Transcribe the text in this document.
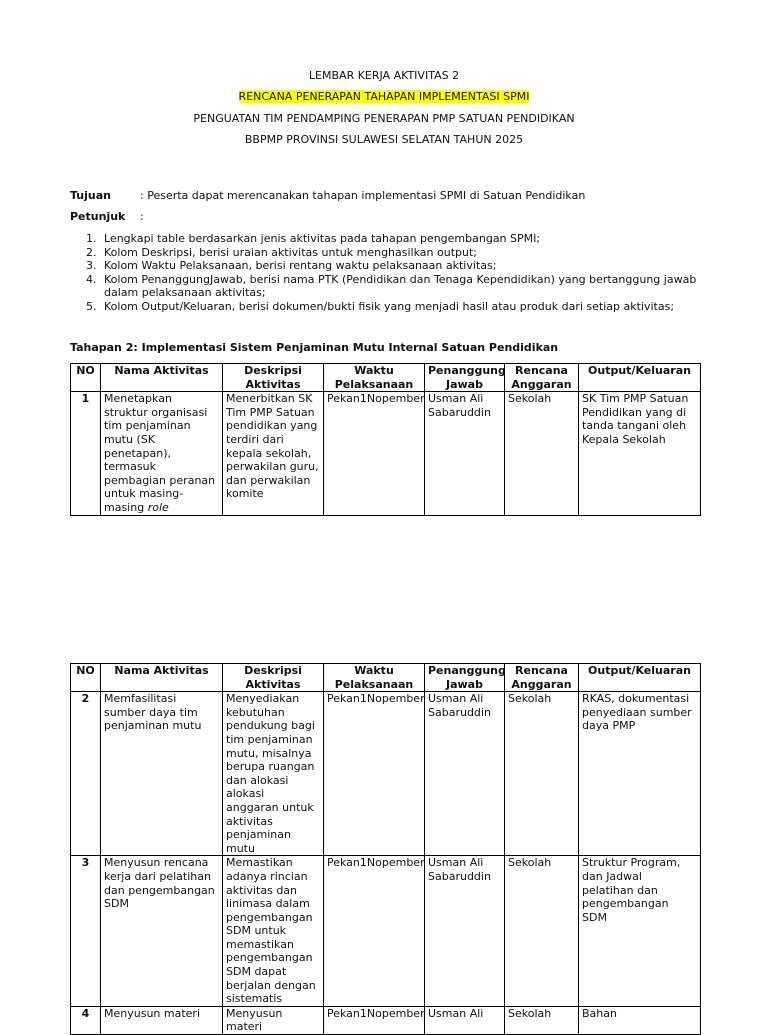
LEMBAR KERJA AKTIVITAS 2
RENCANA PENERAPAN TAHAPAN IMPLEMENTASI SPMI
PENGUATAN TIM PENDAMPING PENERAPAN PMP SATUAN PENDIDIKAN
BBPMP PROVINSI SULAWESI SELATAN TAHUN 2025
Tujuan	: Peserta dapat merencanakan tahapan implementasi SPMI di Satuan Pendidikan
Petunjuk :
1. Lengkapi table berdasarkan jenis aktivitas pada tahapan pengembangan SPMI;
2. Kolom Deskripsi, berisi uraian aktivitas untuk menghasilkan output;
3. Kolom Waktu Pelaksanaan, berisi rentang waktu pelaksanaan aktivitas;
4. Kolom PenanggungJawab, berisi nama PTK (Pendidikan dan Tenaga Kependidikan) yang bertanggung jawab dalam pelaksanaan aktivitas;
5. Kolom Output/Keluaran, berisi dokumen/bukti fisik yang menjadi hasil atau produk dari setiap aktivitas;
Tahapan 2: Implementasi Sistem Penjaminan Mutu Internal Satuan Pendidikan
NO	Nama Aktivitas	Deskripsi Aktivitas	Waktu Pelaksanaan	Penanggung Jawab	Rencana Anggaran	Output/Keluaran
1	Menetapkan struktur organisasi tim penjaminan mutu (SK penetapan), termasuk pembagian peranan untuk masing-masing role	Menerbitkan SK Tim PMP Satuan pendidikan yang terdiri dari kepala sekolah, perwakilan guru, dan perwakilan komite	Pekan1Nopember	Usman Ali Sabaruddin	Sekolah	SK Tim PMP Satuan Pendidikan yang di tanda tangani oleh Kepala Sekolah
NO	Nama Aktivitas	Deskripsi Aktivitas	Waktu Pelaksanaan	Penanggung Jawab	Rencana Anggaran	Output/Keluaran
2	Memfasilitasi sumber daya tim penjaminan mutu	Menyediakan kebutuhan pendukung bagi tim penjaminan mutu, misalnya berupa ruangan dan alokasi alokasi anggaran untuk aktivitas penjaminan mutu	Pekan1Nopember	Usman Ali Sabaruddin	Sekolah	RKAS, dokumentasi penyediaan sumber daya PMP
3	Menyusun rencana kerja dari pelatihan dan pengembangan SDM	Memastikan adanya rincian aktivitas dan linimasa dalam pengembangan SDM untuk memastikan pengembangan SDM dapat berjalan dengan sistematis	Pekan1Nopember	Usman Ali Sabaruddin	Sekolah	Struktur Program, dan Jadwal pelatihan dan pengembangan SDM
4	Menyusun materi	Menyusun materi	Pekan1Nopember	Usman Ali	Sekolah	Bahan
